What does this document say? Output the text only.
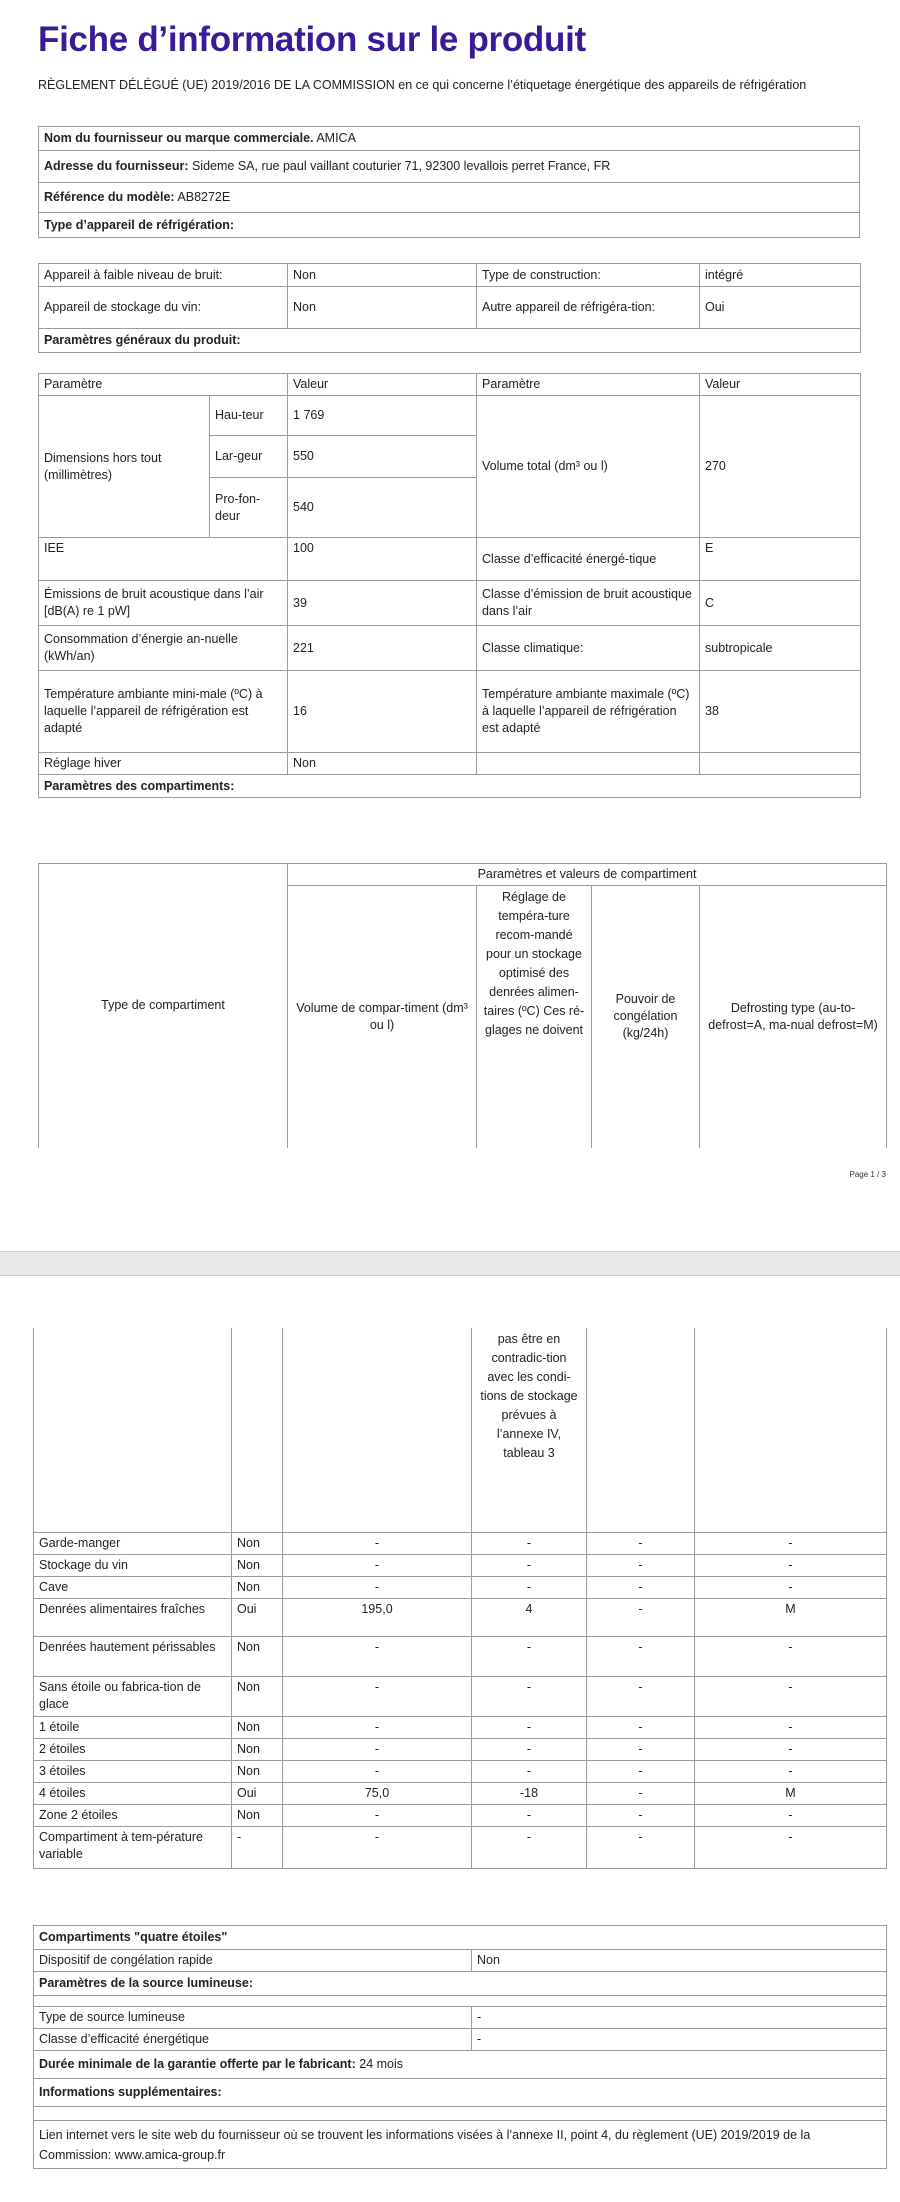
Fiche d’information sur le produit

RÈGLEMENT DÉLÉGUÉ (UE) 2019/2016 DE LA COMMISSION en ce qui concerne l’étiquetage énergétique des appareils de réfrigération

Nom du fournisseur ou marque commerciale. AMICA
Adresse du fournisseur: Sideme SA, rue paul vaillant couturier 71, 92300 levallois perret France, FR
Référence du modèle: AB8272E
Type d’appareil de réfrigération:
Appareil à faible niveau de bruit:	Non	Type de construction:	intégré
Appareil de stockage du vin:	Non	Autre appareil de réfrigéra-tion:	Oui
Paramètres généraux du produit:			
Paramètre		Valeur	Paramètre	Valeur
Dimensions hors tout (millimètres)	Hau-teur	1 769	Volume total (dm³ ou l)	270
	Lar-geur	550		
	Pro-fon-deur	540		
IEE		100	Classe d’efficacité énergé-tique	E
Émissions de bruit acoustique dans l’air [dB(A) re 1 pW]		39	Classe d’émission de bruit acoustique dans l’air	C
Consommation d’énergie an-nuelle (kWh/an)		221	Classe climatique:	subtropicale
Température ambiante mini-male (ºC) à laquelle l’appareil de réfrigération est adapté		16	Température ambiante maximale (ºC) à laquelle l’appareil de réfrigération est adapté	38
Réglage hiver		Non		
Paramètres des compartiments:				
Type de compartiment	Paramètres et valeurs de compartiment			
	Volume de compar-timent (dm³ ou l)	Réglage de tempéra-ture recom-mandé pour un stockage optimisé des denrées alimen-taires (ºC) Ces ré-glages ne doivent	Pouvoir de congélation (kg/24h)	Defrosting type (au-to-defrost=A, ma-nual defrost=M)
Page 1 / 3
			pas être en contradic-tion avec les condi-tions de stockage prévues à l’annexe IV, tableau 3		
Garde-manger	Non	-	-	-	-
Stockage du vin	Non	-	-	-	-
Cave	Non	-	-	-	-
Denrées alimentaires fraîches	Oui	195,0	4	-	M
Denrées hautement périssables	Non	-	-	-	-
Sans étoile ou fabrica-tion de glace	Non	-	-	-	-
1 étoile	Non	-	-	-	-
2 étoiles	Non	-	-	-	-
3 étoiles	Non	-	-	-	-
4 étoiles	Oui	75,0	-18	-	M
Zone 2 étoiles	Non	-	-	-	-
Compartiment à tem-pérature variable	-	-	-	-	-
Compartiments "quatre étoiles"	
Dispositif de congélation rapide	Non
Paramètres de la source lumineuse:	

Type de source lumineuse	-
Classe d’efficacité énergétique	-
Durée minimale de la garantie offerte par le fabricant: 24 mois	
Informations supplémentaires:	

Lien internet vers le site web du fournisseur où se trouvent les informations visées à l’annexe II, point 4, du règlement (UE) 2019/2019 de la Commission: www.amica-group.fr	
